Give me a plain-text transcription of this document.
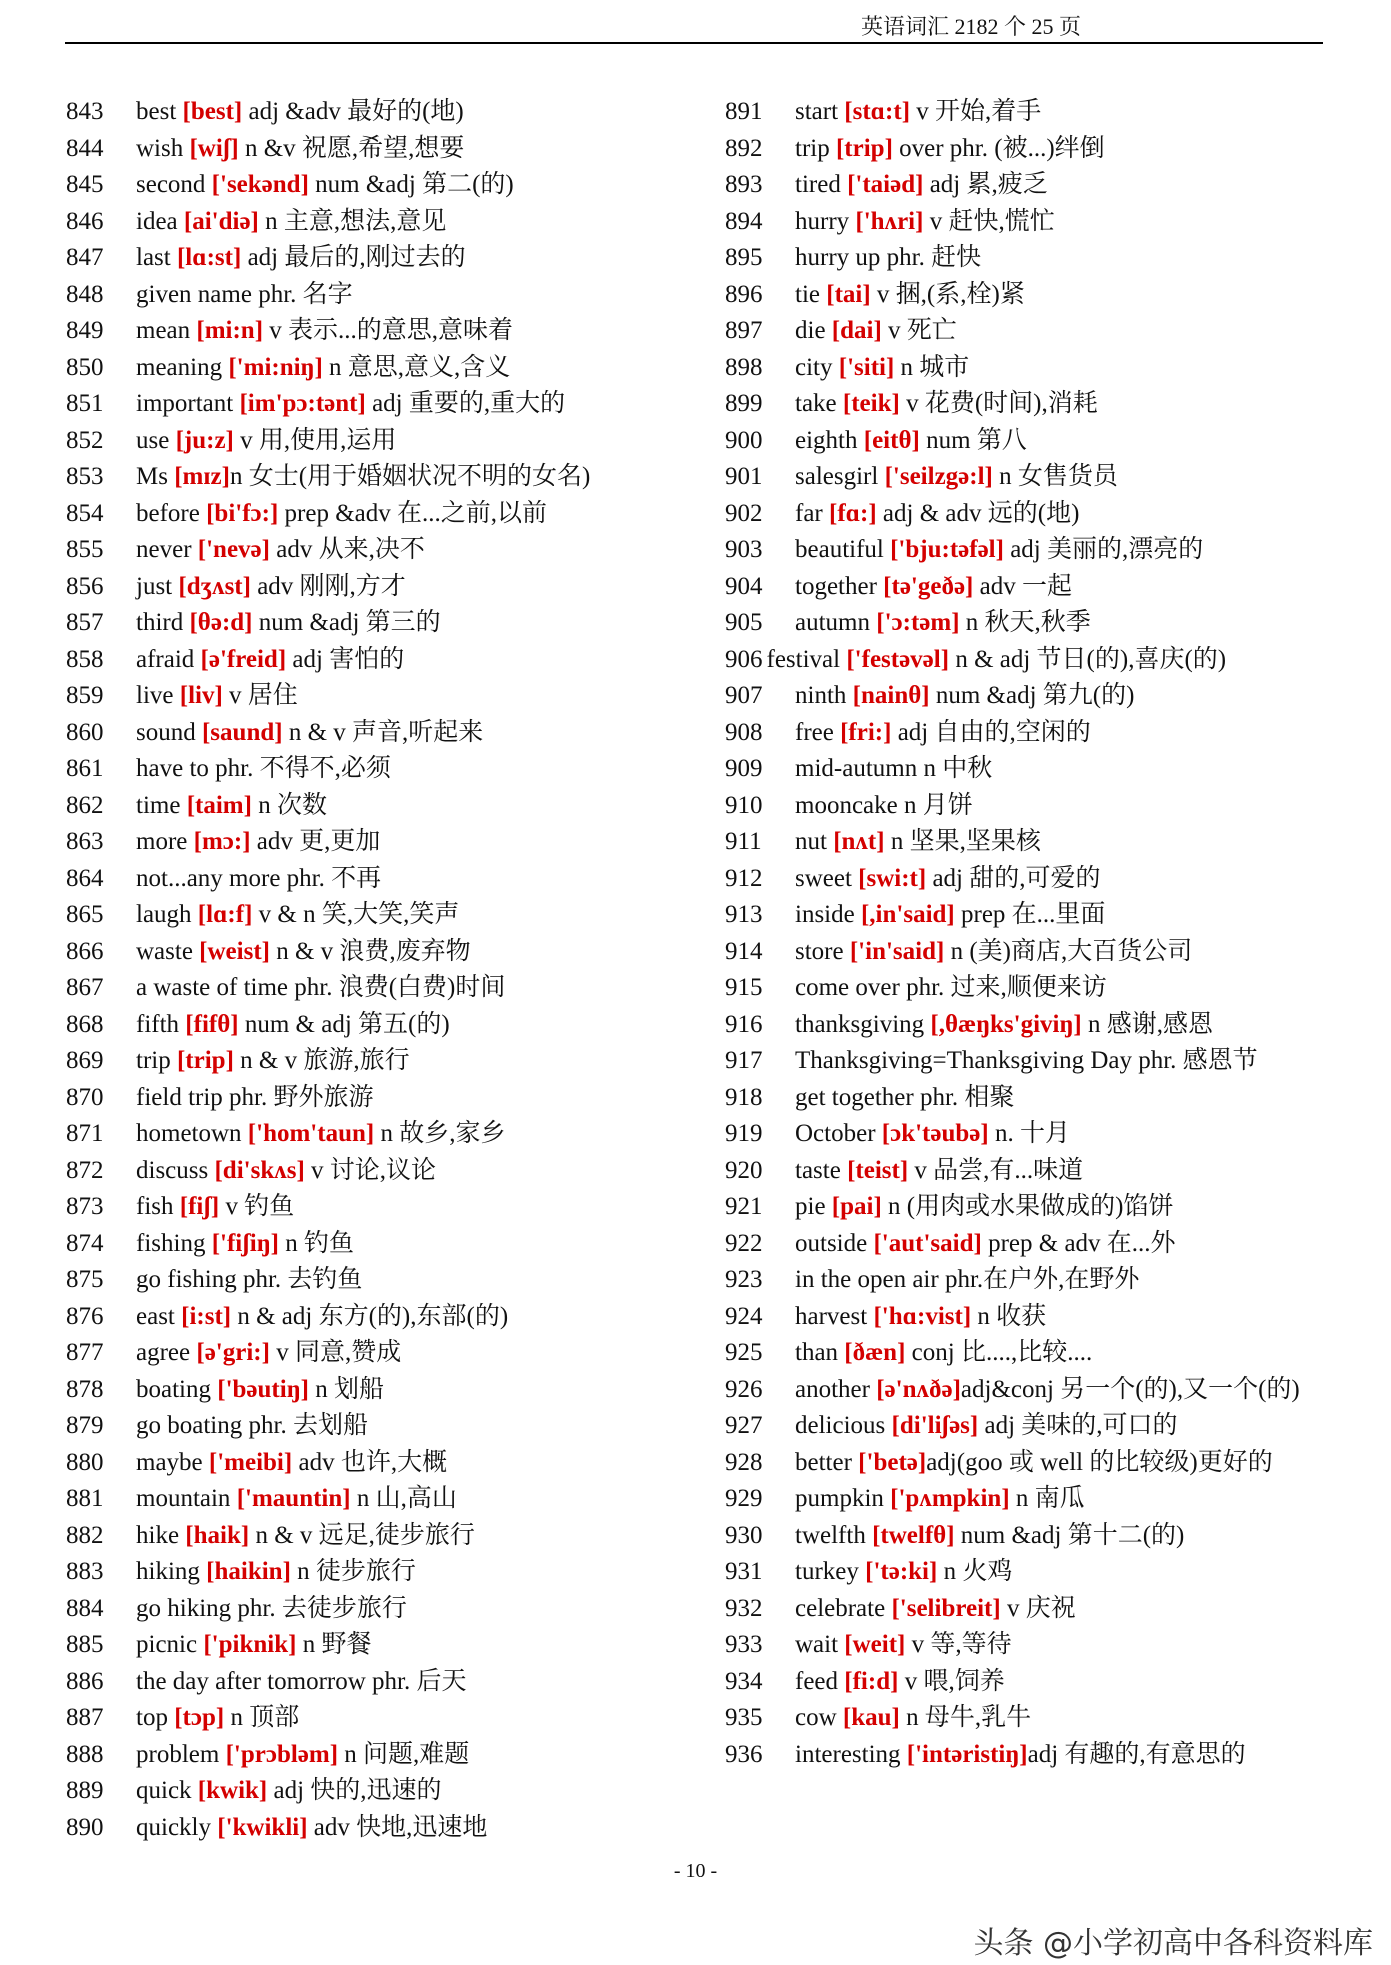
英语词汇 2182 个 25 页
843 best [best] adj &adv 最好的(地)
844 wish [wiʃ] n &v 祝愿,希望,想要
845 second ['sekənd] num &adj 第二(的)
846 idea [ai'diə] n 主意,想法,意见
847 last [lɑ:st] adj 最后的,刚过去的
848 given name phr. 名字
849 mean [mi:n] v 表示...的意思,意味着
850 meaning ['mi:niŋ] n 意思,意义,含义
851 important [im'pɔ:tənt] adj 重要的,重大的
852 use [ju:z] v 用,使用,运用
853 Ms [mɪz]n 女士(用于婚姻状况不明的女名)
854 before [bi'fɔ:] prep &adv 在...之前,以前
855 never ['nevə] adv 从来,决不
856 just [dʒʌst] adv 刚刚,方才
857 third [θə:d] num &adj 第三的
858 afraid [ə'freid] adj 害怕的
859 live [liv] v 居住
860 sound [saund] n & v 声音,听起来
861 have to phr. 不得不,必须
862 time [taim] n 次数
863 more [mɔ:] adv 更,更加
864 not...any more phr. 不再
865 laugh [lɑ:f] v & n 笑,大笑,笑声
866 waste [weist] n & v 浪费,废弃物
867 a waste of time phr. 浪费(白费)时间
868 fifth [fifθ] num & adj 第五(的)
869 trip [trip] n & v 旅游,旅行
870 field trip phr. 野外旅游
871 hometown ['hom'taun] n 故乡,家乡
872 discuss [di'skʌs] v 讨论,议论
873 fish [fiʃ] v 钓鱼
874 fishing ['fiʃiŋ] n 钓鱼
875 go fishing phr. 去钓鱼
876 east [i:st] n & adj 东方(的),东部(的)
877 agree [ə'gri:] v 同意,赞成
878 boating ['bəutiŋ] n 划船
879 go boating phr. 去划船
880 maybe ['meibi] adv 也许,大概
881 mountain ['mauntin] n 山,高山
882 hike [haik] n & v 远足,徒步旅行
883 hiking [haikin] n 徒步旅行
884 go hiking phr. 去徒步旅行
885 picnic ['piknik] n 野餐
886 the day after tomorrow phr. 后天
887 top [tɔp] n 顶部
888 problem ['prɔbləm] n 问题,难题
889 quick [kwik] adj 快的,迅速的
890 quickly ['kwikli] adv 快地,迅速地
891 start [stɑ:t] v 开始,着手
892 trip [trip] over phr. (被...)绊倒
893 tired ['taiəd] adj 累,疲乏
894 hurry ['hʌri] v 赶快,慌忙
895 hurry up phr. 赶快
896 tie [tai] v 捆,(系,栓)紧
897 die [dai] v 死亡
898 city ['siti] n 城市
899 take [teik] v 花费(时间),消耗
900 eighth [eitθ] num 第八
901 salesgirl ['seilzgə:l] n 女售货员
902 far [fɑ:] adj & adv 远的(地)
903 beautiful ['bju:təfəl] adj 美丽的,漂亮的
904 together [tə'geðə] adv 一起
905 autumn ['ɔ:təm] n 秋天,秋季
906 festival ['festəvəl] n & adj 节日(的),喜庆(的)
907 ninth [nainθ] num &adj 第九(的)
908 free [fri:] adj 自由的,空闲的
909 mid-autumn n 中秋
910 mooncake n 月饼
911 nut [nʌt] n 坚果,坚果核
912 sweet [swi:t] adj 甜的,可爱的
913 inside [,in'said] prep 在...里面
914 store ['in'said] n (美)商店,大百货公司
915 come over phr. 过来,顺便来访
916 thanksgiving [,θæŋks'giviŋ] n 感谢,感恩
917 Thanksgiving=Thanksgiving Day phr. 感恩节
918 get together phr. 相聚
919 October [ɔk'təubə] n. 十月
920 taste [teist] v 品尝,有...味道
921 pie [pai] n (用肉或水果做成的)馅饼
922 outside ['aut'said] prep & adv 在...外
923 in the open air phr.在户外,在野外
924 harvest ['hɑ:vist] n 收获
925 than [ðæn] conj 比....,比较....
926 another [ə'nʌðə]adj&conj 另一个(的),又一个(的)
927 delicious [di'liʃəs] adj 美味的,可口的
928 better ['betə]adj(goo 或 well 的比较级)更好的
929 pumpkin ['pʌmpkin] n 南瓜
930 twelfth [twelfθ] num &adj 第十二(的)
931 turkey ['tə:ki] n 火鸡
932 celebrate ['selibreit] v 庆祝
933 wait [weit] v 等,等待
934 feed [fi:d] v 喂,饲养
935 cow [kau] n 母牛,乳牛
936 interesting ['intəristiŋ]adj 有趣的,有意思的
- 10 -
头条 @小学初高中各科资料库
